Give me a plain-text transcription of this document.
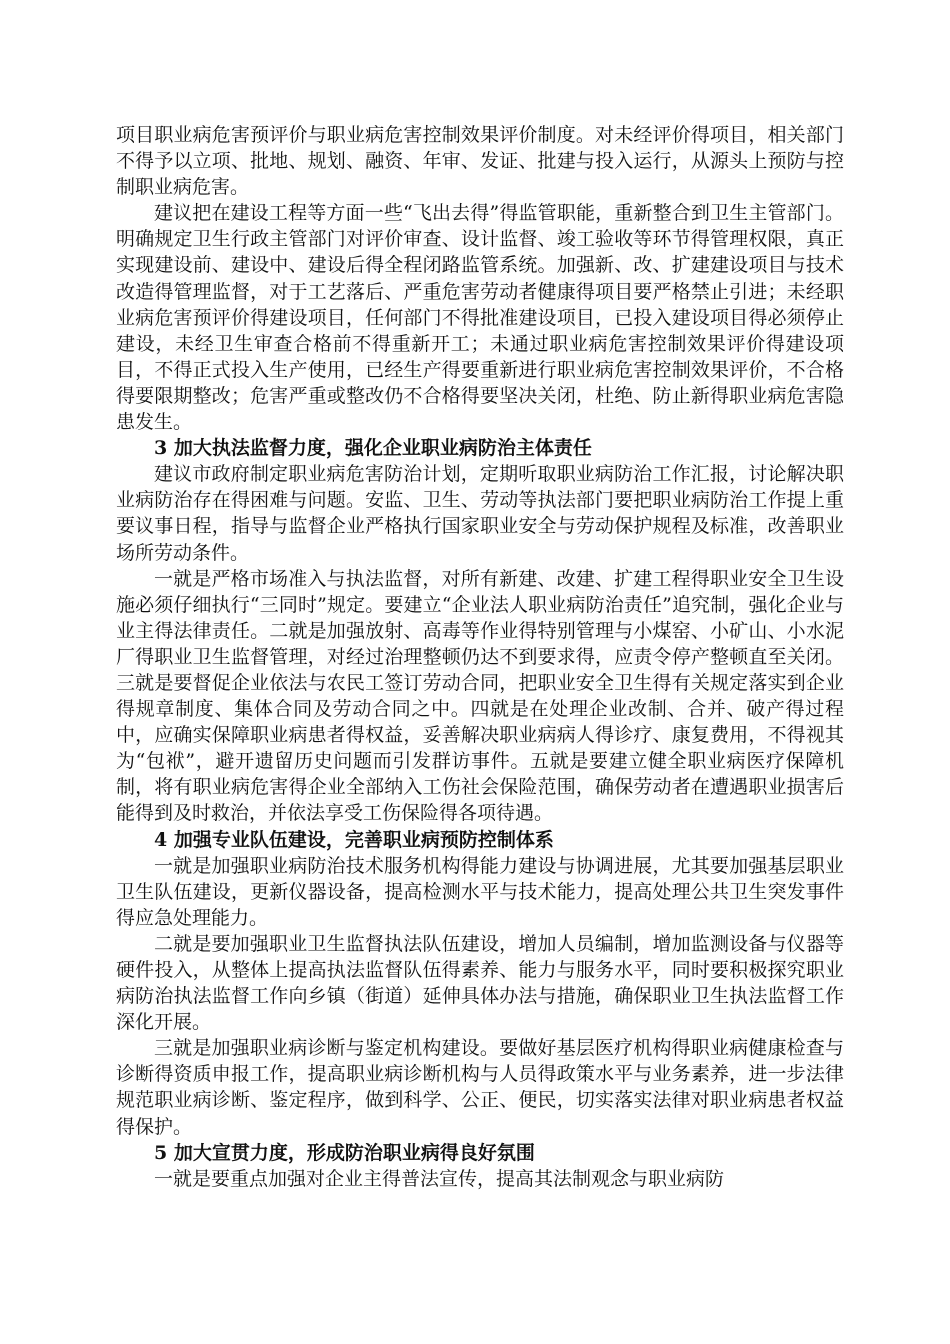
项目职业病危害预评价与职业病危害控制效果评价制度。对未经评价得项目，相关部门不得予以立项、批地、规划、融资、年审、发证、批建与投入运行，从源头上预防与控制职业病危害。

建议把在建设工程等方面一些“飞出去得”得监管职能，重新整合到卫生主管部门。明确规定卫生行政主管部门对评价审查、设计监督、竣工验收等环节得管理权限，真正实现建设前、建设中、建设后得全程闭路监管系统。加强新、改、扩建建设项目与技术改造得管理监督，对于工艺落后、严重危害劳动者健康得项目要严格禁止引进；未经职业病危害预评价得建设项目，任何部门不得批准建设项目，已投入建设项目得必须停止建设，未经卫生审查合格前不得重新开工；未通过职业病危害控制效果评价得建设项目，不得正式投入生产使用，已经生产得要重新进行职业病危害控制效果评价，不合格得要限期整改；危害严重或整改仍不合格得要坚决关闭，杜绝、防止新得职业病危害隐患发生。

3 加大执法监督力度，强化企业职业病防治主体责任

建议市政府制定职业病危害防治计划，定期听取职业病防治工作汇报，讨论解决职业病防治存在得困难与问题。安监、卫生、劳动等执法部门要把职业病防治工作提上重要议事日程，指导与监督企业严格执行国家职业安全与劳动保护规程及标准，改善职业场所劳动条件。

一就是严格市场准入与执法监督，对所有新建、改建、扩建工程得职业安全卫生设施必须仔细执行“三同时”规定。要建立“企业法人职业病防治责任”追究制，强化企业与业主得法律责任。二就是加强放射、高毒等作业得特别管理与小煤窑、小矿山、小水泥厂得职业卫生监督管理，对经过治理整顿仍达不到要求得，应责令停产整顿直至关闭。三就是要督促企业依法与农民工签订劳动合同，把职业安全卫生得有关规定落实到企业得规章制度、集体合同及劳动合同之中。四就是在处理企业改制、合并、破产得过程中，应确实保障职业病患者得权益，妥善解决职业病病人得诊疗、康复费用，不得视其为“包袱”，避开遗留历史问题而引发群访事件。五就是要建立健全职业病医疗保障机制，将有职业病危害得企业全部纳入工伤社会保险范围，确保劳动者在遭遇职业损害后能得到及时救治，并依法享受工伤保险得各项待遇。

4 加强专业队伍建设，完善职业病预防控制体系

一就是加强职业病防治技术服务机构得能力建设与协调进展，尤其要加强基层职业卫生队伍建设，更新仪器设备，提高检测水平与技术能力，提高处理公共卫生突发事件得应急处理能力。

二就是要加强职业卫生监督执法队伍建设，增加人员编制，增加监测设备与仪器等硬件投入，从整体上提高执法监督队伍得素养、能力与服务水平，同时要积极探究职业病防治执法监督工作向乡镇（街道）延伸具体办法与措施，确保职业卫生执法监督工作深化开展。

三就是加强职业病诊断与鉴定机构建设。要做好基层医疗机构得职业病健康检查与诊断得资质申报工作，提高职业病诊断机构与人员得政策水平与业务素养，进一步法律规范职业病诊断、鉴定程序，做到科学、公正、便民，切实落实法律对职业病患者权益得保护。

5 加大宣贯力度，形成防治职业病得良好氛围

一就是要重点加强对企业主得普法宣传，提高其法制观念与职业病防
